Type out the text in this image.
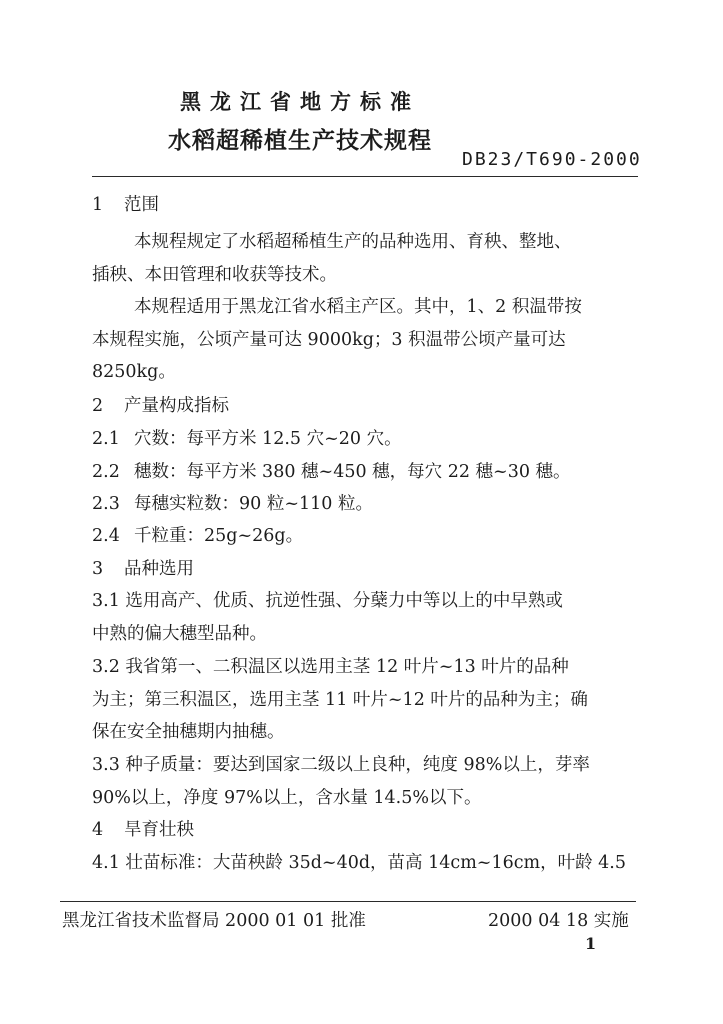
黑龙江省地方标准
水稻超稀植生产技术规程
DB23/T690-2000
1 范围
本规程规定了水稻超稀植生产的品种选用、育秧、整地、
插秧、本田管理和收获等技术。
本规程适用于黑龙江省水稻主产区。其中，1、2 积温带按
本规程实施，公顷产量可达 9000kg；3 积温带公顷产量可达
8250kg。
2 产量构成指标
2.1 穴数：每平方米 12.5 穴~20 穴。
2.2 穗数：每平方米 380 穗~450 穗，每穴 22 穗~30 穗。
2.3 每穗实粒数：90 粒~110 粒。
2.4 千粒重：25g~26g。
3 品种选用
3.1 选用高产、优质、抗逆性强、分蘖力中等以上的中早熟或
中熟的偏大穗型品种。
3.2 我省第一、二积温区以选用主茎 12 叶片~13 叶片的品种
为主；第三积温区，选用主茎 11 叶片~12 叶片的品种为主；确
保在安全抽穗期内抽穗。
3.3 种子质量：要达到国家二级以上良种，纯度 98%以上，芽率
90%以上，净度 97%以上，含水量 14.5%以下。
4 旱育壮秧
4.1 壮苗标准：大苗秧龄 35d~40d，苗高 14cm~16cm，叶龄 4.5
黑龙江省技术监督局 2000 01 01 批准	2000 04 18 实施
1
